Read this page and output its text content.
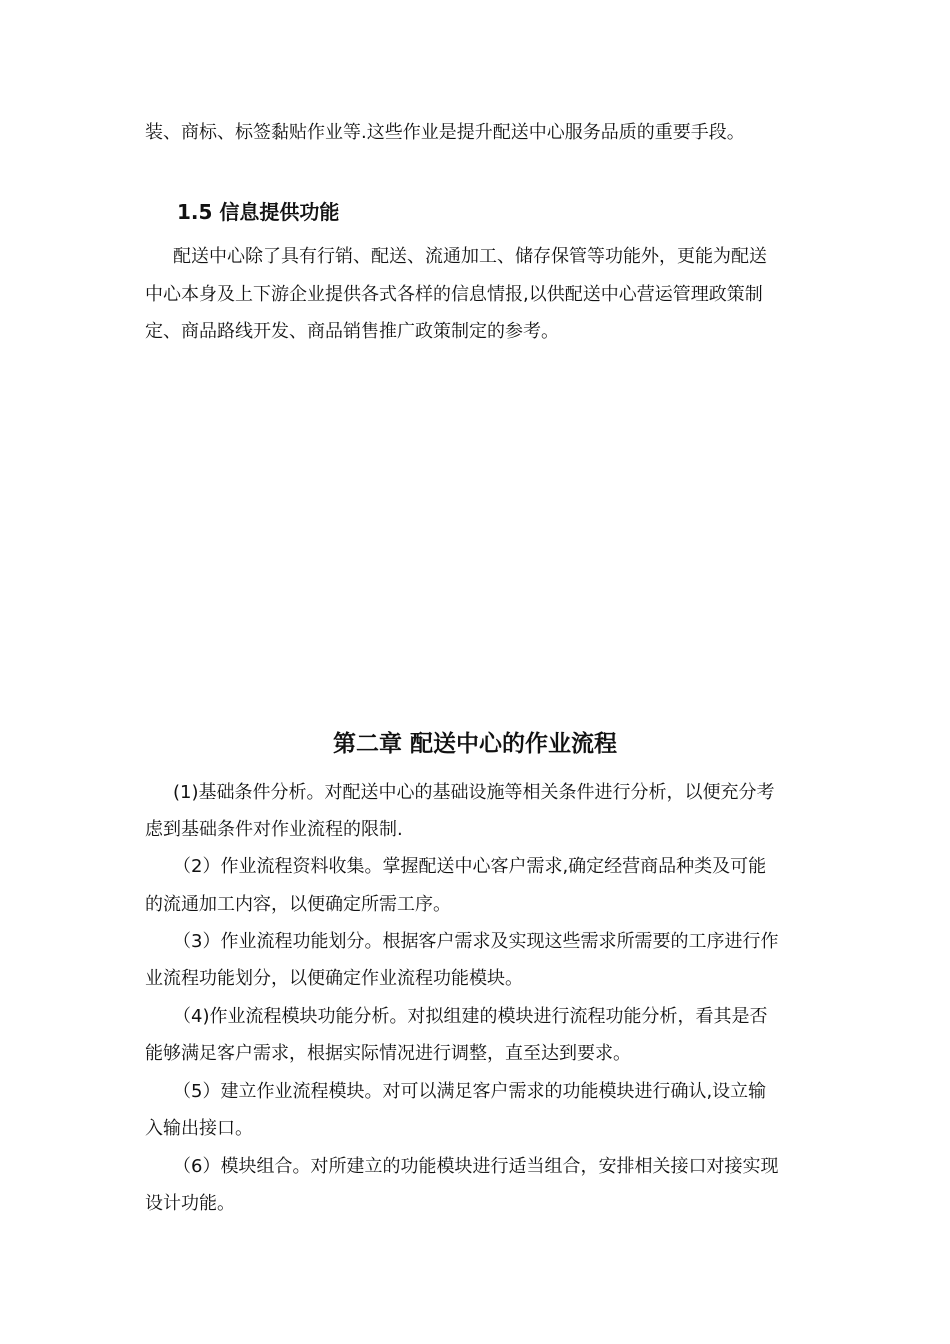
装、商标、标签黏贴作业等.这些作业是提升配送中心服务品质的重要手段。

1.5 信息提供功能

配送中心除了具有行销、配送、流通加工、储存保管等功能外，更能为配送

中心本身及上下游企业提供各式各样的信息情报,以供配送中心营运管理政策制

定、商品路线开发、商品销售推广政策制定的参考。

第二章 配送中心的作业流程

(1)基础条件分析。对配送中心的基础设施等相关条件进行分析，以便充分考

虑到基础条件对作业流程的限制.

（2）作业流程资料收集。掌握配送中心客户需求,确定经营商品种类及可能

的流通加工内容，以便确定所需工序。

（3）作业流程功能划分。根据客户需求及实现这些需求所需要的工序进行作

业流程功能划分，以便确定作业流程功能模块。

（4)作业流程模块功能分析。对拟组建的模块进行流程功能分析，看其是否

能够满足客户需求，根据实际情况进行调整，直至达到要求。

（5）建立作业流程模块。对可以满足客户需求的功能模块进行确认,设立输

入输出接口。

（6）模块组合。对所建立的功能模块进行适当组合，安排相关接口对接实现

设计功能。
